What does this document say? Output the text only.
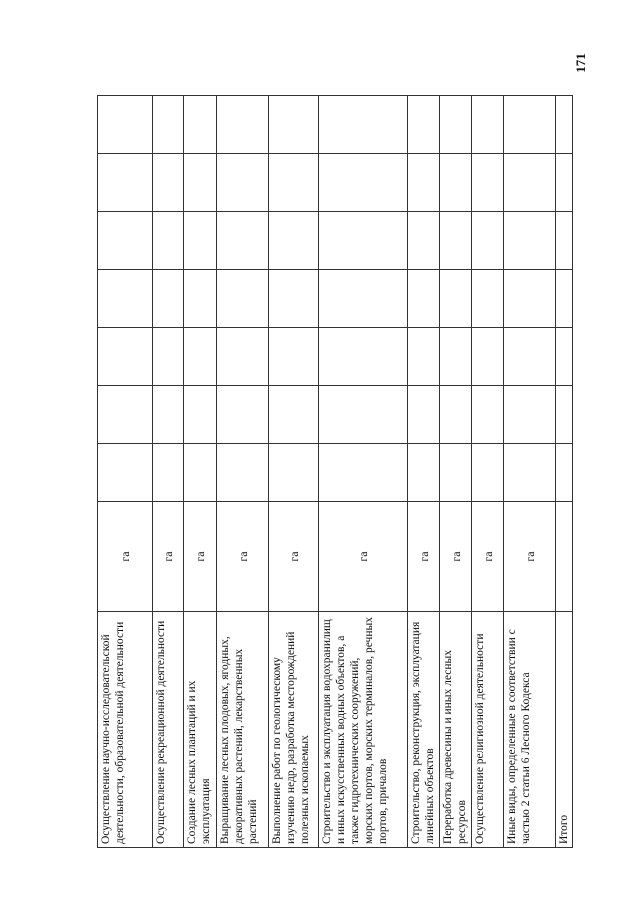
Осуществление научно-исследовательской деятельности, образовательной деятельности	га							
Осуществление рекреационной деятельности	га							
Создание лесных плантаций и их эксплуатация	га							
Выращивание лесных плодовых, ягодных, декоративных растений, лекарственных растений	га							
Выполнение работ по геологическому изучению недр, разработка месторождений полезных ископаемых	га							
Строительство и эксплуатация водохранилищ и иных искусственных водных объектов, а также гидротехнических сооружений, морских портов, морских терминалов, речных портов, причалов	га							
Строительство, реконструкция, эксплуатация линейных объектов	га							
Переработка древесины и иных лесных ресурсов	га							
Осуществление религиозной деятельности	га							
Иные виды, определенные в соответствии с частью 2 статьи 6 Лесного Кодекса	га							
Итого								
171
